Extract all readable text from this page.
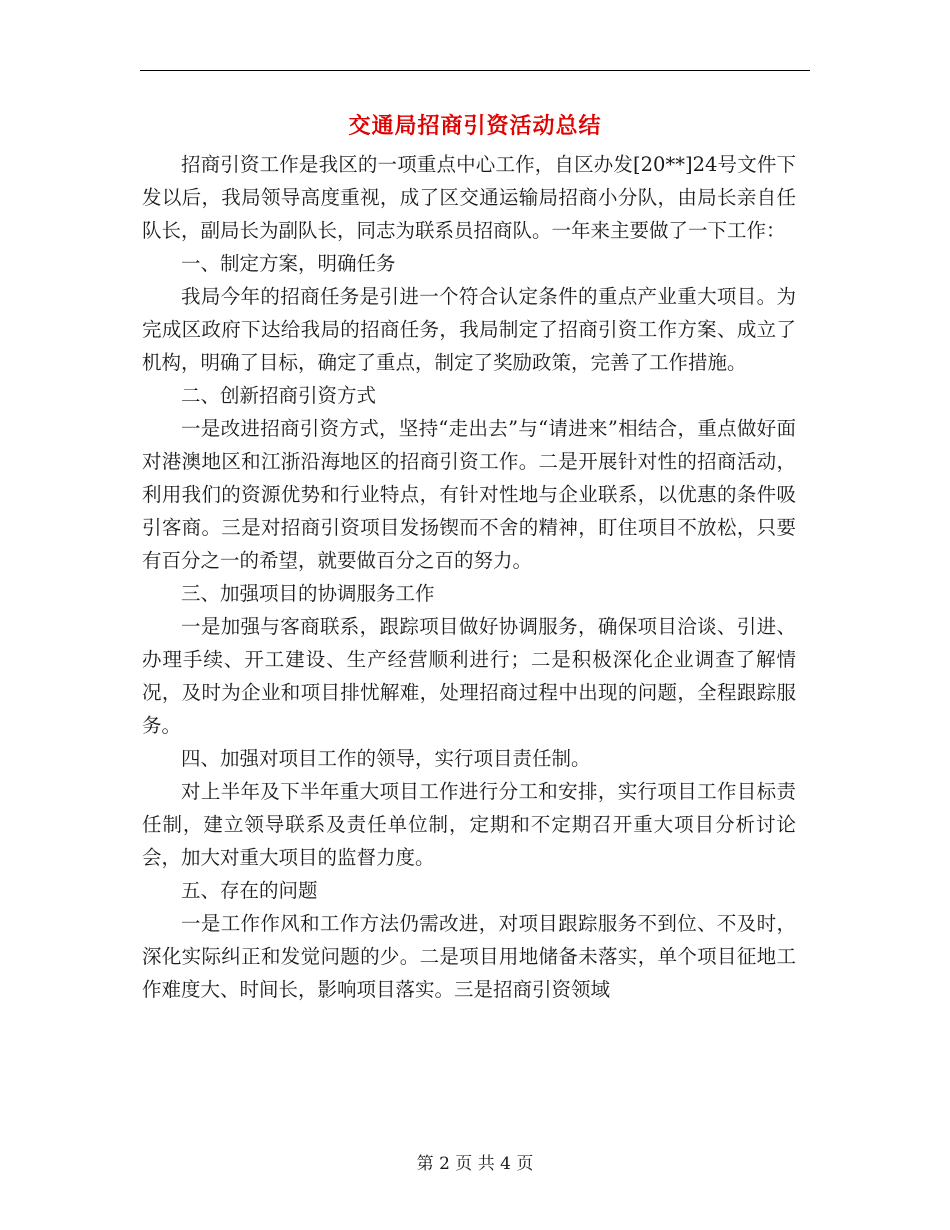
交通局招商引资活动总结

招商引资工作是我区的一项重点中心工作，自区办发[20**]24号文件下发以后，我局领导高度重视，成了区交通运输局招商小分队，由局长亲自任队长，副局长为副队长，同志为联系员招商队。一年来主要做了一下工作：

一、制定方案，明确任务

我局今年的招商任务是引进一个符合认定条件的重点产业重大项目。为完成区政府下达给我局的招商任务，我局制定了招商引资工作方案、成立了机构，明确了目标，确定了重点，制定了奖励政策，完善了工作措施。

二、创新招商引资方式

一是改进招商引资方式，坚持“走出去”与“请进来”相结合，重点做好面对港澳地区和江浙沿海地区的招商引资工作。二是开展针对性的招商活动，利用我们的资源优势和行业特点，有针对性地与企业联系，以优惠的条件吸引客商。三是对招商引资项目发扬锲而不舍的精神，盯住项目不放松，只要有百分之一的希望，就要做百分之百的努力。

三、加强项目的协调服务工作

一是加强与客商联系，跟踪项目做好协调服务，确保项目洽谈、引进、办理手续、开工建设、生产经营顺利进行；二是积极深化企业调查了解情况，及时为企业和项目排忧解难，处理招商过程中出现的问题，全程跟踪服务。

四、加强对项目工作的领导，实行项目责任制。

对上半年及下半年重大项目工作进行分工和安排，实行项目工作目标责任制，建立领导联系及责任单位制，定期和不定期召开重大项目分析讨论会，加大对重大项目的监督力度。

五、存在的问题

一是工作作风和工作方法仍需改进，对项目跟踪服务不到位、不及时，深化实际纠正和发觉问题的少。二是项目用地储备未落实，单个项目征地工作难度大、时间长，影响项目落实。三是招商引资领域

第 2 页 共 4 页
